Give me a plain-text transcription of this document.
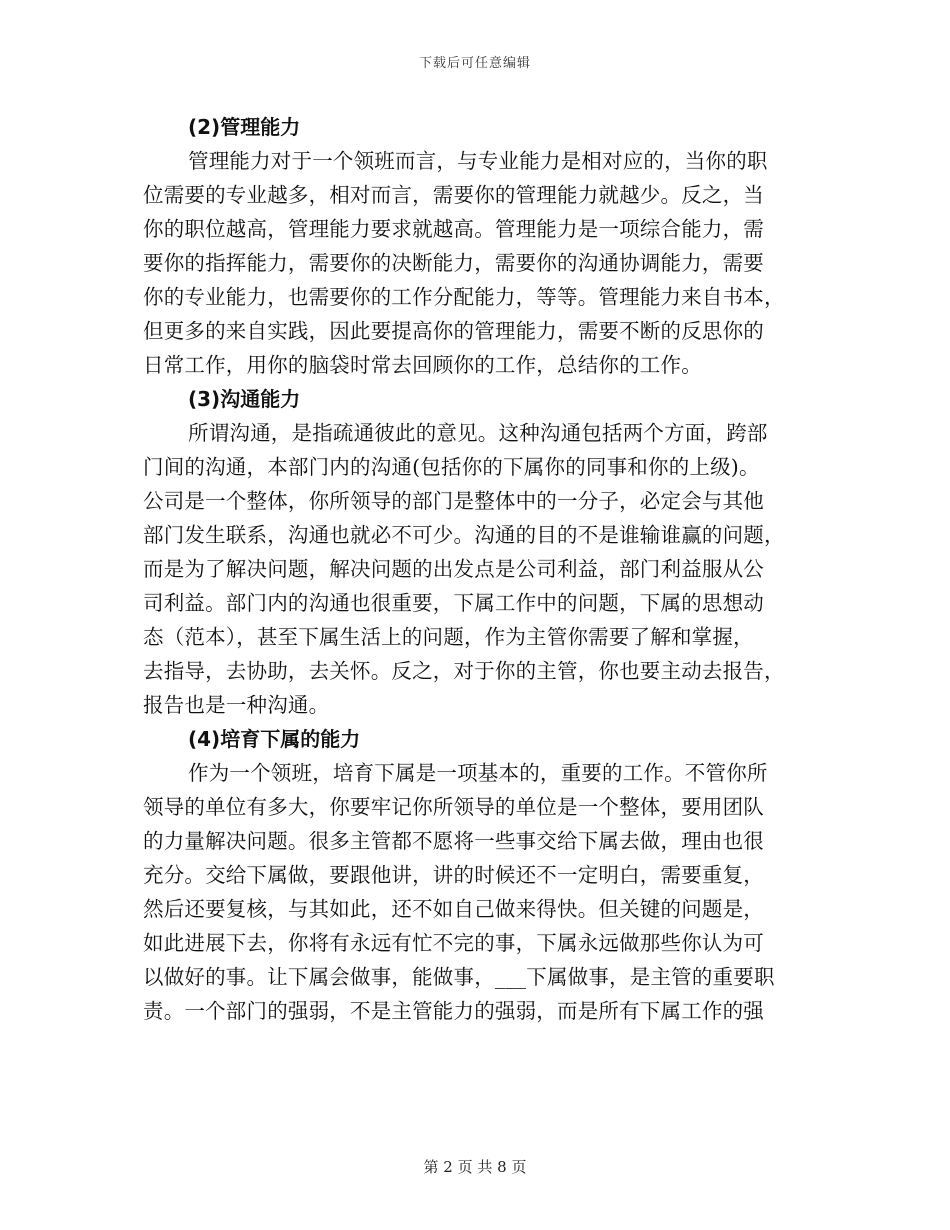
下载后可任意编辑
(2)管理能力
管理能力对于一个领班而言，与专业能力是相对应的，当你的职
位需要的专业越多，相对而言，需要你的管理能力就越少。反之，当
你的职位越高，管理能力要求就越高。管理能力是一项综合能力，需
要你的指挥能力，需要你的决断能力，需要你的沟通协调能力，需要
你的专业能力，也需要你的工作分配能力，等等。管理能力来自书本，
但更多的来自实践，因此要提高你的管理能力，需要不断的反思你的
日常工作，用你的脑袋时常去回顾你的工作，总结你的工作。
(3)沟通能力
所谓沟通，是指疏通彼此的意见。这种沟通包括两个方面，跨部
门间的沟通，本部门内的沟通(包括你的下属你的同事和你的上级)。
公司是一个整体，你所领导的部门是整体中的一分子，必定会与其他
部门发生联系，沟通也就必不可少。沟通的目的不是谁输谁赢的问题，
而是为了解决问题，解决问题的出发点是公司利益，部门利益服从公
司利益。部门内的沟通也很重要，下属工作中的问题，下属的思想动
态（范本），甚至下属生活上的问题，作为主管你需要了解和掌握，
去指导，去协助，去关怀。反之，对于你的主管，你也要主动去报告，
报告也是一种沟通。
(4)培育下属的能力
作为一个领班，培育下属是一项基本的，重要的工作。不管你所
领导的单位有多大，你要牢记你所领导的单位是一个整体，要用团队
的力量解决问题。很多主管都不愿将一些事交给下属去做，理由也很
充分。交给下属做，要跟他讲，讲的时候还不一定明白，需要重复，
然后还要复核，与其如此，还不如自己做来得快。但关键的问题是，
如此进展下去，你将有永远有忙不完的事，下属永远做那些你认为可
以做好的事。让下属会做事，能做事，___下属做事，是主管的重要职
责。一个部门的强弱，不是主管能力的强弱，而是所有下属工作的强
第 2 页 共 8 页
